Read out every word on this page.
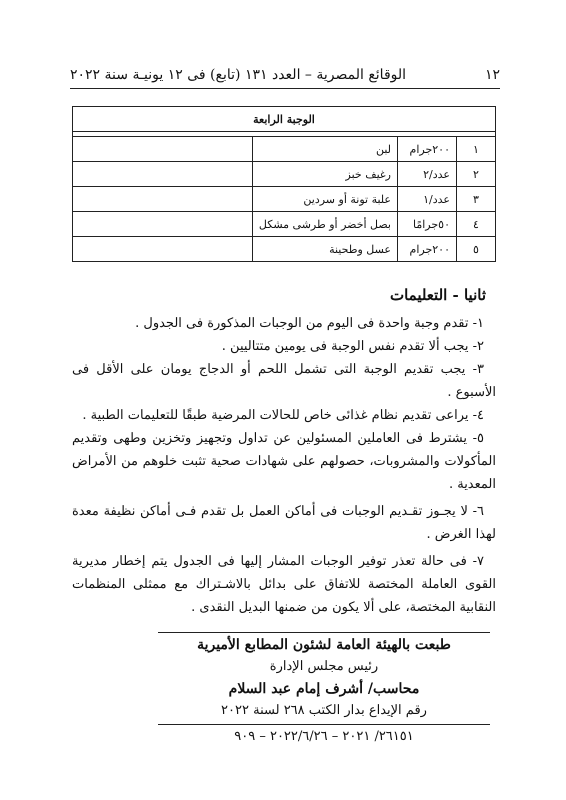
١٢
الوقائع المصرية – العدد ١٣١ (تابع) فى ١٢ يونيـة سنة ٢٠٢٢
الوجبة الرابعة			

١	٢٠٠جرام	لبن	
٢	عدد/٢	رغيف خبز	
٣	عدد/١	علبة تونة أو سردين	
٤	٥٠جرامًا	بصل أخضر أو طرشى مشكل	
٥	٢٠٠جرام	عسل وطحينة	
ثانيا - التعليمات

١- تقدم وجبة واحدة فى اليوم من الوجبات المذكورة فى الجدول .

٢- يجب ألا تقدم نفس الوجبة فى يومين متتاليين .

٣- يجب تقديم الوجبة التى تشمل اللحم أو الدجاج يومان على الأقل فى الأسبوع .

٤- يراعى تقديم نظام غذائى خاص للحالات المرضية طبقًا للتعليمات الطبية .

٥- يشترط فى العاملين المسئولين عن تداول وتجهيز وتخزين وطهى وتقديم المأكولات والمشروبات، حصولهم على شهادات صحية تثبت خلوهم من الأمراض المعدية .

٦- لا يجـوز تقـديم الوجبات فى أماكن العمل بل تقدم فـى أماكن نظيفة معدة لهذا الغرض .

٧- فى حالة تعذر توفير الوجبات المشار إليها فى الجدول يتم إخطار مديرية القوى العاملة المختصة للاتفاق على بدائل بالاشـتراك مع ممثلى المنظمات النقابية المختصة، على ألا يكون من ضمنها البديل النقدى .

طبعت بالهيئة العامة لشئون المطابع الأميرية
رئيس مجلس الإدارة
محاسب/ أشرف إمام عبد السلام
رقم الإيداع بدار الكتب ٢٦٨ لسنة ٢٠٢٢
٢٦١٥١/ ٢٠٢١ – ٢٠٢٢/٦/٢٦ – ٩٠٩
